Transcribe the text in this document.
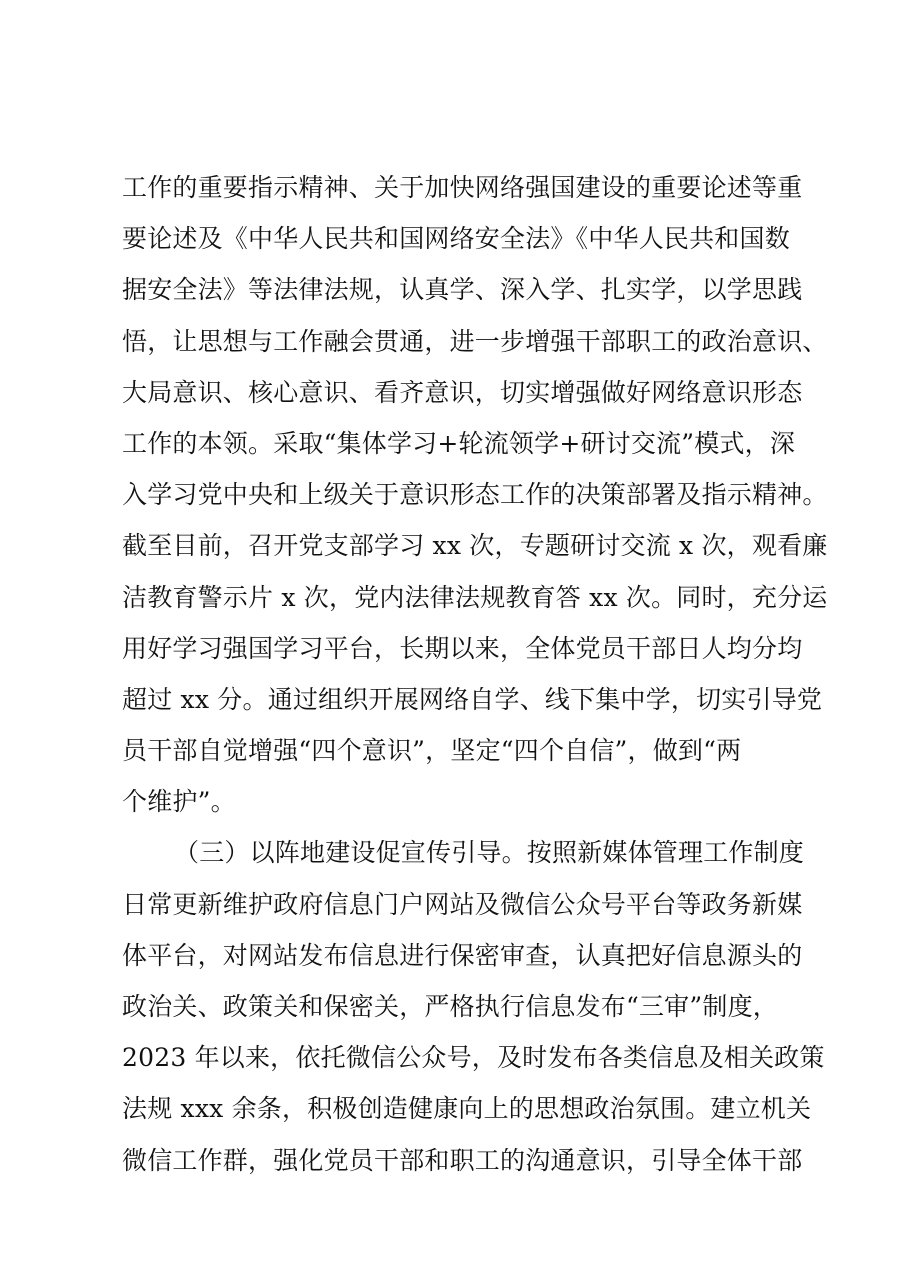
工作的重要指示精神、关于加快网络强国建设的重要论述等重
要论述及《中华人民共和国网络安全法》《中华人民共和国数
据安全法》等法律法规，认真学、深入学、扎实学，以学思践
悟，让思想与工作融会贯通，进一步增强干部职工的政治意识、
大局意识、核心意识、看齐意识，切实增强做好网络意识形态
工作的本领。采取“集体学习+轮流领学+研讨交流”模式，深
入学习党中央和上级关于意识形态工作的决策部署及指示精神。
截至目前，召开党支部学习 xx 次，专题研讨交流 x 次，观看廉
洁教育警示片 x 次，党内法律法规教育答 xx 次。同时，充分运
用好学习强国学习平台，长期以来，全体党员干部日人均分均
超过 xx 分。通过组织开展网络自学、线下集中学，切实引导党
员干部自觉增强“四个意识”，坚定“四个自信”，做到“两
个维护”。
（三）以阵地建设促宣传引导。按照新媒体管理工作制度
日常更新维护政府信息门户网站及微信公众号平台等政务新媒
体平台，对网站发布信息进行保密审查，认真把好信息源头的
政治关、政策关和保密关，严格执行信息发布“三审”制度，
2023 年以来，依托微信公众号，及时发布各类信息及相关政策
法规 xxx 余条，积极创造健康向上的思想政治氛围。建立机关
微信工作群，强化党员干部和职工的沟通意识，引导全体干部
